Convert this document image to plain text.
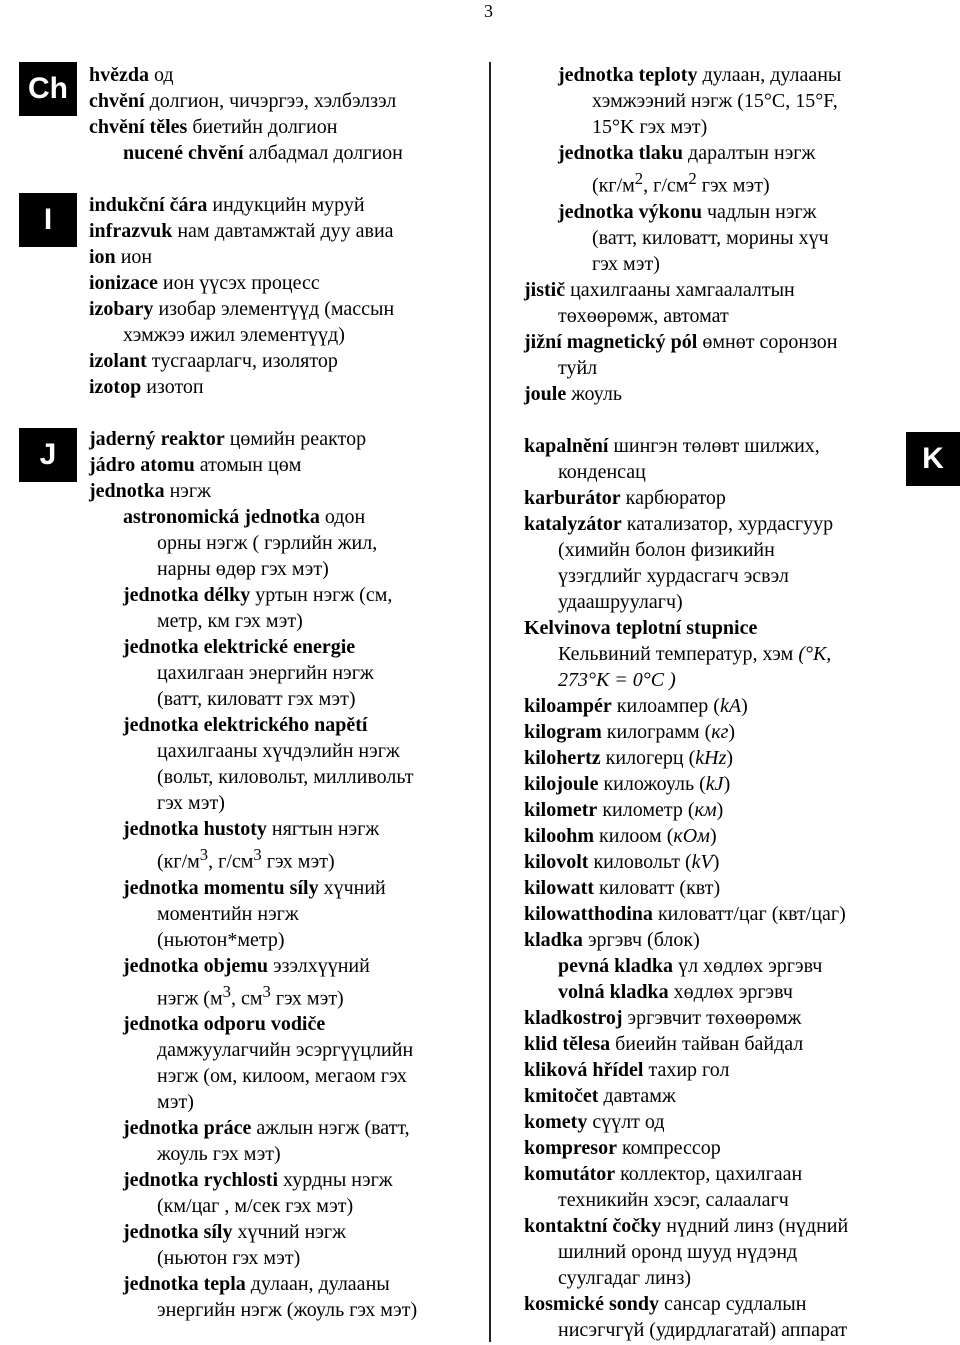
3
Ch
I
J	K
hvězda од
chvění долгион, чичэргээ, хэлбэлзэл
chvění těles биетийн долгион
nucené chvění албадмал долгион
indukční čára индукцийн муруй
infrazvuk нам давтамжтай дуу авиа
ion ион
ionizace ион үүсэх процесс
izobary изобар элементүүд (массын
хэмжээ ижил элементүүд)
izolant тусгаарлагч, изолятор
izotop изотоп
jaderný reaktor цөмийн реактор
jádro atomu атомын цөм
jednotka нэгж
astronomická jednotka одон
орны нэгж ( гэрлийн жил,
нарны өдөр гэх мэт)
jednotka délky уртын нэгж (см,
метр, км гэх мэт)
jednotka elektrické energie
цахилгаан энергийн нэгж
(ватт, киловатт гэх мэт)
jednotka elektrického napětí
цахилгааны хүчдэлийн нэгж
(вольт, киловольт, милливольт
гэх мэт)
jednotka hustoty нягтын нэгж
($кг/м^3$, $г/см^3$ гэх мэт)
jednotka momentu síly хүчний
моментийн нэгж
(ньютон*метр)
jednotka objemu эзэлхүүний
нэгж ($м^3$, $см^3$ гэх мэт)
jednotka odporu vodiče
дамжуулагчийн эсэргүүцлийн
нэгж (ом, килоом, мегаом гэх
мэт)
jednotka práce ажлын нэгж (ватт,
жоуль гэх мэт)
jednotka rychlosti хурдны нэгж
(км/цаг , м/сек гэх мэт)
jednotka síly хүчний нэгж
(ньютон гэх мэт)
jednotka tepla дулаан, дулааны
энергийн нэгж (жоуль гэх мэт)
jednotka teploty дулаан, дулааны
хэмжээний нэгж (15°C, 15°F,
15°K гэх мэт)
jednotka tlaku даралтын нэгж
($кг/м^2$, $г/см^2$ гэх мэт)
jednotka výkonu чадлын нэгж
(ватт, киловатт, морины хүч
гэх мэт)
jistič цахилгааны хамгаалалтын
төхөөрөмж, автомат
jižní magnetický pól өмнөт соронзон
туйл
joule жоуль
kapalnění шингэн төлөвт шилжих,
конденсац
karburátor карбюратор
katalyzátor катализатор, хурдасгуур
(химийн болон физикийн
үзэгдлийг хурдасгагч эсвэл
удаашруулагч)
Kelvinova teplotní stupnice
Кельвиний температур, хэм (°К,
273°К = 0°С )
kiloampér килоампер (kA)
kilogram килограмм (кг)
kilohertz килогерц (kHz)
kilojoule киложоуль (kJ)
kilometr километр (км)
kiloohm килоом (кОм)
kilovolt киловольт (kV)
kilowatt киловатт (квт)
kilowatthodina киловатт/цаг (квт/цаг)
kladka эргэвч (блок)
pevná kladka үл хөдлөх эргэвч
volná kladka хөдлөх эргэвч
kladkostroj эргэвчит төхөөрөмж
klid tělesa биеийн тайван байдал
kliková hřídel тахир гол
kmitočet давтамж
komety сүүлт од
kompresor компрессор
komutátor коллектор, цахилгаан
техникийн хэсэг, салаалагч
kontaktní čočky нүдний линз (нүдний
шилний оронд шууд нүдэнд
суулгадаг линз)
kosmické sondy сансар судлалын
нисэгчгүй (удирдлагатай) аппарат
